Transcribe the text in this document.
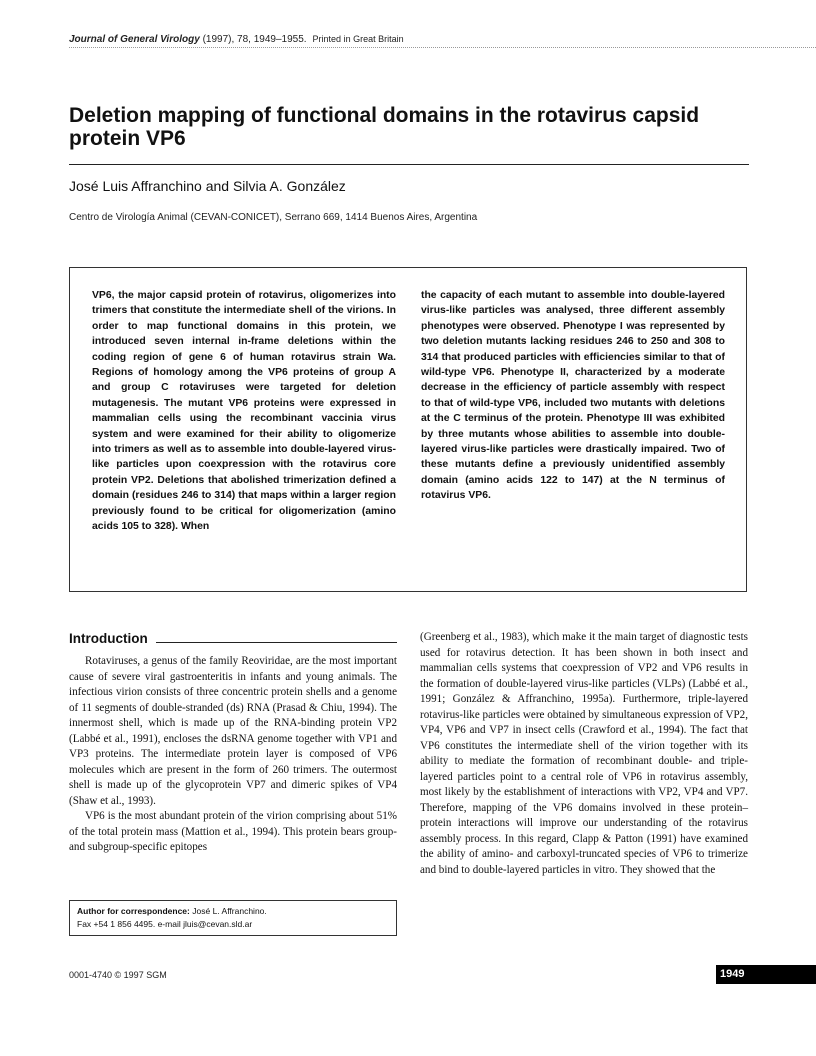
Journal of General Virology (1997), 78, 1949–1955. Printed in Great Britain
Deletion mapping of functional domains in the rotavirus capsid protein VP6
José Luis Affranchino and Silvia A. González
Centro de Virología Animal (CEVAN-CONICET), Serrano 669, 1414 Buenos Aires, Argentina

VP6, the major capsid protein of rotavirus, oligomerizes into trimers that constitute the intermediate shell of the virions. In order to map functional domains in this protein, we introduced seven internal in-frame deletions within the coding region of gene 6 of human rotavirus strain Wa. Regions of homology among the VP6 proteins of group A and group C rotaviruses were targeted for deletion mutagenesis. The mutant VP6 proteins were expressed in mammalian cells using the recombinant vaccinia virus system and were examined for their ability to oligomerize into trimers as well as to assemble into double-layered virus-like particles upon coexpression with the rotavirus core protein VP2. Deletions that abolished trimerization defined a domain (residues 246 to 314) that maps within a larger region previously found to be critical for oligomerization (amino acids 105 to 328). When

the capacity of each mutant to assemble into double-layered virus-like particles was analysed, three different assembly phenotypes were observed. Phenotype I was represented by two deletion mutants lacking residues 246 to 250 and 308 to 314 that produced particles with efficiencies similar to that of wild-type VP6. Phenotype II, characterized by a moderate decrease in the efficiency of particle assembly with respect to that of wild-type VP6, included two mutants with deletions at the C terminus of the protein. Phenotype III was exhibited by three mutants whose abilities to assemble into double-layered virus-like particles were drastically impaired. Two of these mutants define a previously unidentified assembly domain (amino acids 122 to 147) at the N terminus of rotavirus VP6.

Introduction

Rotaviruses, a genus of the family Reoviridae, are the most important cause of severe viral gastroenteritis in infants and young animals. The infectious virion consists of three concentric protein shells and a genome of 11 segments of double-stranded (ds) RNA (Prasad & Chiu, 1994). The innermost shell, which is made up of the RNA-binding protein VP2 (Labbé et al., 1991), encloses the dsRNA genome together with VP1 and VP3 proteins. The intermediate protein layer is composed of VP6 molecules which are present in the form of 260 trimers. The outermost shell is made up of the glycoprotein VP7 and dimeric spikes of VP4 (Shaw et al., 1993).

VP6 is the most abundant protein of the virion comprising about 51% of the total protein mass (Mattion et al., 1994). This protein bears group- and subgroup-specific epitopes

(Greenberg et al., 1983), which make it the main target of diagnostic tests used for rotavirus detection. It has been shown in both insect and mammalian cells systems that coexpression of VP2 and VP6 results in the formation of double-layered virus-like particles (VLPs) (Labbé et al., 1991; González & Affranchino, 1995a). Furthermore, triple-layered rotavirus-like particles were obtained by simultaneous expression of VP2, VP4, VP6 and VP7 in insect cells (Crawford et al., 1994). The fact that VP6 constitutes the intermediate shell of the virion together with its ability to mediate the formation of recombinant double- and triple-layered particles point to a central role of VP6 in rotavirus assembly, most likely by the establishment of interactions with VP2, VP4 and VP7. Therefore, mapping of the VP6 domains involved in these protein–protein interactions will improve our understanding of the rotavirus assembly process. In this regard, Clapp & Patton (1991) have examined the ability of amino- and carboxyl-truncated species of VP6 to trimerize and bind to double-layered particles in vitro. They showed that the

Author for correspondence: José L. Affranchino.
Fax +54 1 856 4495. e-mail jluis@cevan.sld.ar
0001-4740 © 1997 SGM	1949
